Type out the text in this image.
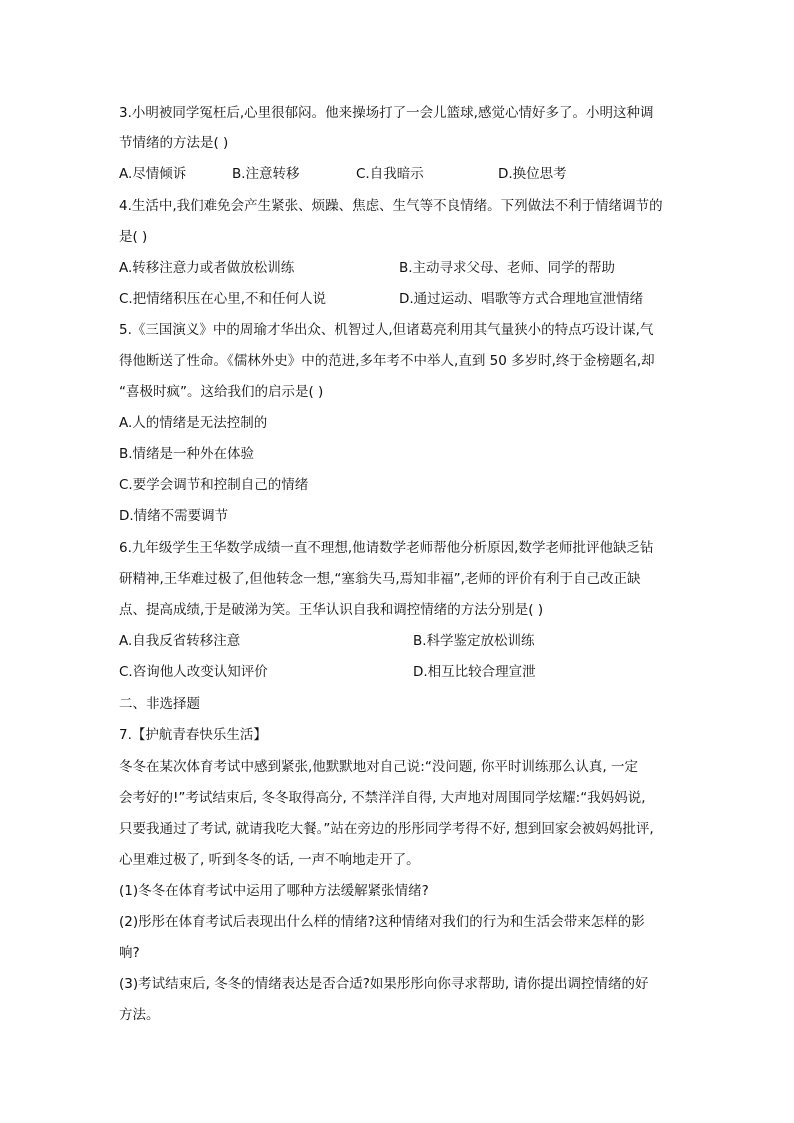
3.小明被同学冤枉后,心里很郁闷。他来操场打了一会儿篮球,感觉心情好多了。小明这种调
节情绪的方法是( )
A.尽情倾诉	B.注意转移	C.自我暗示	D.换位思考
4.生活中,我们难免会产生紧张、烦躁、焦虑、生气等不良情绪。下列做法不利于情绪调节的
是( )
A.转移注意力或者做放松训练	B.主动寻求父母、老师、同学的帮助
C.把情绪积压在心里,不和任何人说	D.通过运动、唱歌等方式合理地宣泄情绪
5.《三国演义》中的周瑜才华出众、机智过人,但诸葛亮利用其气量狭小的特点巧设计谋,气
得他断送了性命。《儒林外史》中的范进,多年考不中举人,直到 50 多岁时,终于金榜题名,却
“喜极时疯”。这给我们的启示是( )
A.人的情绪是无法控制的
B.情绪是一种外在体验
C.要学会调节和控制自己的情绪
D.情绪不需要调节
6.九年级学生王华数学成绩一直不理想,他请数学老师帮他分析原因,数学老师批评他缺乏钻
研精神,王华难过极了,但他转念一想,“塞翁失马,焉知非福”,老师的评价有利于自己改正缺
点、提高成绩,于是破涕为笑。王华认识自我和调控情绪的方法分别是( )
A.自我反省转移注意	B.科学鉴定放松训练
C.咨询他人改变认知评价	D.相互比较合理宣泄
二、非选择题
7.【护航青春快乐生活】
冬冬在某次体育考试中感到紧张,他默默地对自己说:“没问题, 你平时训练那么认真, 一定
会考好的!”考试结束后, 冬冬取得高分, 不禁洋洋自得, 大声地对周围同学炫耀:“我妈妈说,
只要我通过了考试, 就请我吃大餐。”站在旁边的彤彤同学考得不好, 想到回家会被妈妈批评,
心里难过极了, 听到冬冬的话, 一声不响地走开了。
(1)冬冬在体育考试中运用了哪种方法缓解紧张情绪?
(2)彤彤在体育考试后表现出什么样的情绪?这种情绪对我们的行为和生活会带来怎样的影
响?
(3)考试结束后, 冬冬的情绪表达是否合适?如果彤彤向你寻求帮助, 请你提出调控情绪的好
方法。
